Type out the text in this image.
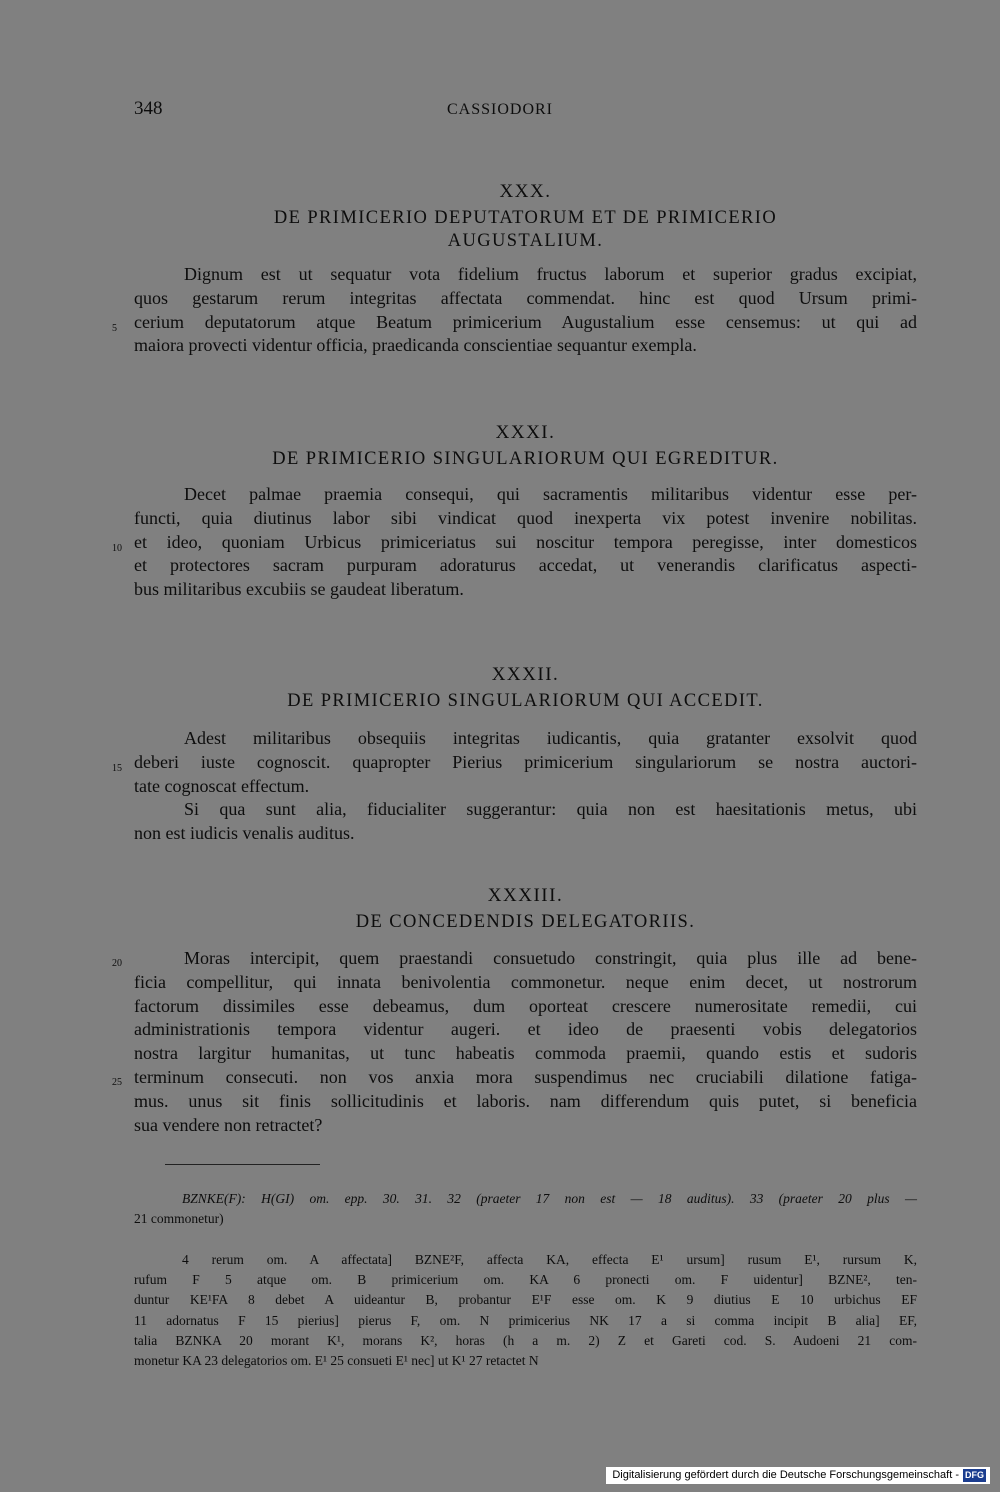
348	CASSIODORI

XXX.

DE PRIMICERIO DEPUTATORUM ET DE PRIMICERIO

AUGUSTALIUM.

Dignum est ut sequatur vota fidelium fructus laborum et superior gradus excipiat,
quos gestarum rerum integritas affectata commendat. hinc est quod Ursum primi-
5 cerium deputatorum atque Beatum primicerium Augustalium esse censemus: ut qui ad
maiora provecti videntur officia, praedicanda conscientiae sequantur exempla.

XXXI.

DE PRIMICERIO SINGULARIORUM QUI EGREDITUR.

Decet palmae praemia consequi, qui sacramentis militaribus videntur esse per-
functi, quia diutinus labor sibi vindicat quod inexperta vix potest invenire nobilitas.
10 et ideo, quoniam Urbicus primiceriatus sui noscitur tempora peregisse, inter domesticos
et protectores sacram purpuram adoraturus accedat, ut venerandis clarificatus aspecti-
bus militaribus excubiis se gaudeat liberatum.

XXXII.

DE PRIMICERIO SINGULARIORUM QUI ACCEDIT.

Adest militaribus obsequiis integritas iudicantis, quia gratanter exsolvit quod
15 deberi iuste cognoscit. quapropter Pierius primicerium singulariorum se nostra auctori-
tate cognoscat effectum.
Si qua sunt alia, fiducialiter suggerantur: quia non est haesitationis metus, ubi
non est iudicis venalis auditus.

XXXIII.

DE CONCEDENDIS DELEGATORIIS.

20	Moras intercipit, quem praestandi consuetudo constringit, quia plus ille ad bene-
ficia compellitur, qui innata benivolentia commonetur. neque enim decet, ut nostrorum
factorum dissimiles esse debeamus, dum oporteat crescere numerositate remedii, cui
administrationis tempora videntur augeri. et ideo de praesenti vobis delegatorios
nostra largitur humanitas, ut tunc habeatis commoda praemii, quando estis et sudoris
25 terminum consecuti. non vos anxia mora suspendimus nec cruciabili dilatione fatiga-
mus. unus sit finis sollicitudinis et laboris. nam differendum quis putet, si beneficia
sua vendere non retractet?
BZNKE(F): H(GI) om. epp. 30. 31. 32 (praeter 17 non est — 18 auditus). 33 (praeter 20 plus —
21 commonetur)
4 rerum om. A affectata] BZNE²F, affecta KA, effecta E¹ ursum] rusum E¹, rursum K,
rufum F 5 atque om. B primicerium om. KA 6 pronecti om. F uidentur] BZNE², ten-
duntur KE¹FA 8 debet A uideantur B, probantur E¹F esse om. K 9 diutius E 10 urbichus EF
11 adornatus F 15 pierius] pierus F, om. N primicerius NK 17 a si comma incipit B alia] EF,
talia BZNKA 20 morant K¹, morans K², horas (h a m. 2) Z et Gareti cod. S. Audoeni 21 com-
monetur KA 23 delegatorios om. E¹ 25 consueti E¹ nec] ut K¹ 27 retactet N
Digitalisierung gefördert durch die Deutsche Forschungsgemeinschaft - DFG
